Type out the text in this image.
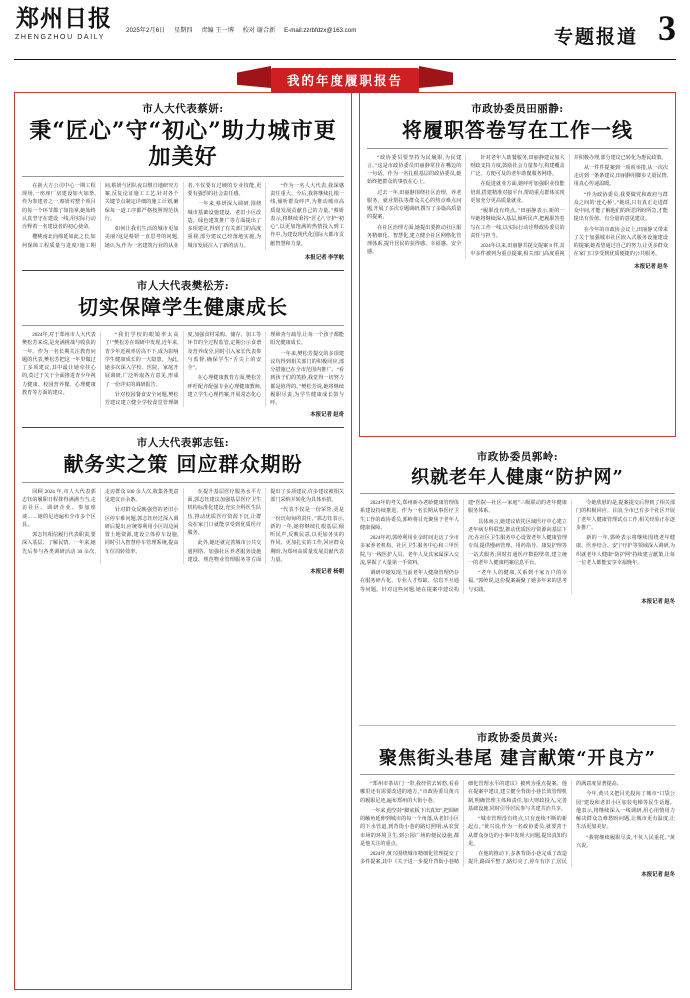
郑州日报
ZHENGZHOU DAILY
2025年2月6日 星期四 责编 王一博 校对 谢合新 E-mail:zzrbfdzx@163.com	专题报道 3
我的年度履职报告
市人大代表蔡妍:
秉“匠心”守“初心”助力城市更加美好

在新大方公司中心一期工程现场,一座座厂房建设如火如荼,作为参建者之一,蔡妍对整个项目的每一个环节都了如指掌,她始终认真坚守在建设一线,用实际行动诠释着一名建设者的初心使命。

樱桃南北向绵延如此之长,如何保障工程质量与进度?施工期间,蔡妍与团队夜以继日地研究方案,反复论证施工工艺,针对各个关键节点制定详细的施工计划,确保每一道工序都严格按照规范执行。

如何让我们生活的城市更加美丽?这是蔡妍一直思考的问题,她认为,作为一名建筑行业的从业者,不仅要有过硬的专业技能,更要有强烈的社会责任感。

一年来,蔡妍深入调研,围绕城市基础设施建设、老旧小区改造、绿色建筑推广等方面提出了多项建议,得到了有关部门的高度重视,部分建议已经落地实施,为城市发展注入了新的活力。

“作为一名人大代表,我深感责任重大。今后,我将继续扎根一线,倾听群众呼声,为推动城市高质量发展贡献自己的力量。”蔡妍表示,将继续秉持“匠心”,守护“初心”,以更加饱满的热情投入到工作中,为建设现代化国际大都市贡献智慧和力量。

本报记者 李学航
市人大代表樊松芳:
切实保障学生健康成长

2024年,对于郑州市人大代表樊松芳来说,是充满挑战与收获的一年。作为一名长期关注教育问题的代表,樊松芳把这一年里做过了多项建议,其中最让她牵挂心的,莫过于关于全面推进青少年视力健康、校园营养餐、心理健康教育等方面的建议。

“我们学校的眼镜率太高了!”樊松芳在调研中发现,近年来,青少年近视率居高不下,成为影响学生健康成长的一大隐患。为此,她多次深入学校、医院、家庭开展调研,广泛听取各方意见,形成了一份详实的调研报告。

针对校园餐食安全问题,樊松芳建议建立健全学校食堂管理制度,加强食材采购、储存、加工等环节的全过程监管,定期公示食谱及营养成分,同时引入家长代表参与监督,确保学生“舌尖上的安全”。

在心理健康教育方面,樊松芳呼吁配齐配强专业心理健康教师,建立学生心理档案,开展常态化心理筛查与疏导,让每一个孩子都能阳光健康成长。

一年来,樊松芳提交的多项建议均得到相关部门的积极回应,部分措施已在全市范围内推广。“看到孩子们的笑脸,我觉得一切努力都是值得的。”樊松芳说,她将继续履职尽责,为学生健康成长鼓与呼。

本报记者 赵奇
市人大代表郭志钰:
献务实之策 回应群众期盼

回顾 2024 年,市人大代表郭志钰的履职日程排得满满当当,走访社区、调研企业、参加座谈……她的足迹遍布全市多个区县。

郭志钰相信履行代表职责,要深入基层、了解民情。一年来,她先后参与各类调研活动 30 余次,走访群众 500 余人次,收集各类意见建议百余条。

针对群众反映强烈的老旧小区停车难问题,郭志钰经过深入调研后提出,应统筹利用小区周边闲置土地资源,建设立体停车设施,同时引入智慧停车管理系统,提高车位周转效率。

在提升基层医疗服务水平方面,郭志钰建议加强基层医疗卫生机构标准化建设,充实全科医生队伍,推动优质医疗资源下沉,让群众在家门口就能享受到优质医疗服务。

此外,她还就完善城市公共交通网络、加强社区养老服务设施建设、规范物业管理服务等方面提出了多项建议,许多建议被相关部门采纳并转化为具体举措。

“代表不仅是一份荣誉,更是一份沉甸甸的责任。”郭志钰表示,新的一年,她将继续扎根基层,倾听民声,反映民意,以更加务实的作风、更加扎实的工作,回应群众期盼,为郑州高质量发展贡献代表力量。

本报记者 杨朝
市政协委员田丽静:
将履职答卷写在工作一线

“政协委员要坚持为民履职,为民建言。”这是市政协委员田丽静常挂在嘴边的一句话。作为一名扎根基层的政协委员,她始终把群众的事放在心上。

过去一年,田丽静围绕社区治理、养老服务、就业帮扶等群众关心的热点难点问题,开展了多次专题调研,撰写了多篇高质量的提案。

在社区治理方面,她提出要推动社区服务精细化、智慧化,建立健全社区网格化管理体系,提升居民的获得感、幸福感、安全感。

针对老年人助餐服务,田丽静建议加大财政支持力度,鼓励社会力量参与,构建覆盖广泛、方便可及的老年助餐服务网络。

在促进就业方面,她呼吁加强职业技能培训,搭建精准对接平台,帮助重点群体实现更加充分更高质量就业。

“履职没有终点。”田丽静表示,新的一年她将继续深入基层,倾听民声,把履职答卷写在工作一线,以实际行动诠释政协委员的责任与担当。

2024年以来,田丽静共提交提案 8 件,其中多件被列为重点提案,相关部门高度重视并积极办理,部分建议已转化为惠民政策。

从一件件提案到一项项举措,从一次次走访到一条条建议,田丽静用脚步丈量民情,用真心传递温暖。

“作为政协委员,我要做党和政府与群众之间的‘连心桥’。”她说,只有真正走进群众中间,才能了解他们的所思所盼所急,才能提出有价值、有分量的意见建议。

在今年的市政协会议上,田丽静又带来了关于加强城市社区嵌入式服务设施建设的提案,她希望通过自己的努力,让更多群众在家门口享受到优质便捷的公共服务。

本报记者 赵冬
市政协委员郭岭:
织就老年人健康“防护网”

2024年的考关,郑州新办老龄健康管理体系建设持续推进。作为一名长期从事医疗卫生工作的政协委员,郭岭将目光聚焦于老年人健康保障。

2024年初,郭岭利用业余时间走访了全市多家养老机构、社区卫生服务中心和三甲医院,与一线医护人员、老年人及其家属深入交流,掌握了大量第一手资料。

调研中她发现,当前老年人健康管理仍存在服务碎片化、专业人才短缺、信息不互通等问题。针对这些问题,她在提案中建议构建“医院—社区—家庭”三级联动的老年健康服务体系。

具体而言,她建议依托区域医疗中心建立老年病专科联盟,推动优质医疗资源向基层下沉;在社区卫生服务中心设置老年人健康管理专岗,提供慢病管理、用药指导、康复护理等一站式服务;同时打通医疗数据壁垒,建立统一的老年人健康档案信息平台。

“老年人的健康,关系到千家万户的幸福。”郭岭说,这份提案凝聚了她多年来的思考与实践。

令她欣慰的是,提案提交后得到了相关部门的积极回应。目前,全市已有多个社区开展了老年人健康管理试点工作,相关经验正在逐步推广。

新的一年,郭岭表示将继续围绕老年健康、医养结合、安宁疗护等领域深入调研,为织就老年人健康“防护网”持续建言献策,让每一位老人都能安享幸福晚年。

本报记者 赵冬
市政协委员黄兴:
聚焦街头巷尾 建言献策“开良方”

“郑州市茶店门一带,我经常去转悠,看看哪里还有需要改进的地方。”市政协委员黄兴的履职足迹,遍布郑州的大街小巷。

一年来,他坚持“脚底板下出真知”,把调研的触角延伸到城市的每一个角落,从老旧小区的下水管道,到背街小巷的路灯照明;从农贸市场的环境卫生,到公园广场的便民设施,都是他关注的重点。

2024年,黄兴围绕城市精细化管理提交了多件提案,其中《关于进一步提升背街小巷精细化管理水平的建议》被列为重点提案。他在提案中建议,建立健全背街小巷长效管理机制,明确管理主体和责任,加大财政投入,完善基础设施,同时引导居民参与共建共治共享。

“城市管理没有终点,只有连续不断的新起点。”黄兴说,作为一名政协委员,就要善于从群众身边的小事中发现大问题,提出真知灼见。

在他的推动下,多条背街小巷完成了改造提升,路面平整了,路灯亮了,停车有序了,居民的满意度显著提高。

今年,黄兴又把目光投向了城市“口袋公园”建设和老旧小区加装电梯等民生话题。他表示,将继续深入一线调研,用心用情用力解决群众急难愁盼问题,让城市更有温度,让生活更加美好。

“我将继续履职尽责,不负人民重托。”黄兴说。

本报记者 赵冬
